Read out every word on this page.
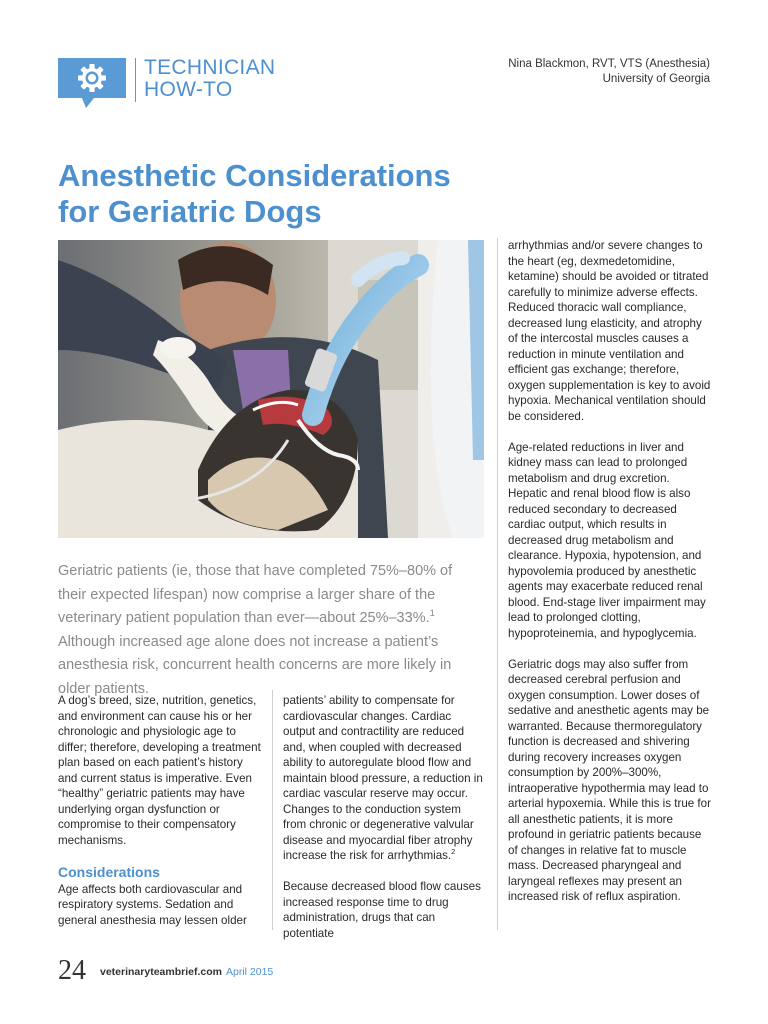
TECHNICIAN
HOW-TO
Nina Blackmon, RVT, VTS (Anesthesia)
University of Georgia
Anesthetic Considerations
for Geriatric Dogs
Geriatric patients (ie, those that have completed 75%–80% of their expected lifespan) now comprise a larger share of the veterinary patient population than ever—about 25%–33%.$^1$ Although increased age alone does not increase a patient’s anesthesia risk, concurrent health concerns are more likely in older patients.

A dog’s breed, size, nutrition, genetics, and environment can cause his or her chronologic and physiologic age to differ; therefore, developing a treatment plan based on each patient’s history and current status is imperative. Even “healthy” geriatric patients may have underlying organ dysfunction or compromise to their compensatory mechanisms.

Considerations

Age affects both cardiovascular and respiratory systems. Sedation and general anesthesia may lessen older

patients’ ability to compensate for cardiovascular changes. Cardiac output and contractility are reduced and, when coupled with decreased ability to autoregulate blood flow and maintain blood pressure, a reduction in cardiac vascular reserve may occur. Changes to the conduction system from chronic or degenerative valvular disease and myocardial fiber atrophy increase the risk for arrhythmias.$^2$

Because decreased blood flow causes increased response time to drug administration, drugs that can potentiate

arrhythmias and/or severe changes to the heart (eg, dexmedetomidine, ketamine) should be avoided or titrated carefully to minimize adverse effects. Reduced thoracic wall compliance, decreased lung elasticity, and atrophy of the intercostal muscles causes a reduction in minute ventilation and efficient gas exchange; therefore, oxygen supplementation is key to avoid hypoxia. Mechanical ventilation should be considered.

Age-related reductions in liver and kidney mass can lead to prolonged metabolism and drug excretion. Hepatic and renal blood flow is also reduced secondary to decreased cardiac output, which results in decreased drug metabolism and clearance. Hypoxia, hypotension, and hypovolemia produced by anesthetic agents may exacerbate reduced renal blood. End-stage liver impairment may lead to prolonged clotting, hypoproteinemia, and hypoglycemia.

Geriatric dogs may also suffer from decreased cerebral perfusion and oxygen consumption. Lower doses of sedative and anesthetic agents may be warranted. Because thermoregulatory function is decreased and shivering during recovery increases oxygen consumption by 200%–300%, intraoperative hypothermia may lead to arterial hypoxemia. While this is true for all anesthetic patients, it is more profound in geriatric patients because of changes in relative fat to muscle mass. Decreased pharyngeal and laryngeal reflexes may present an increased risk of reflux aspiration.

24 veterinaryteambrief.com April 2015
